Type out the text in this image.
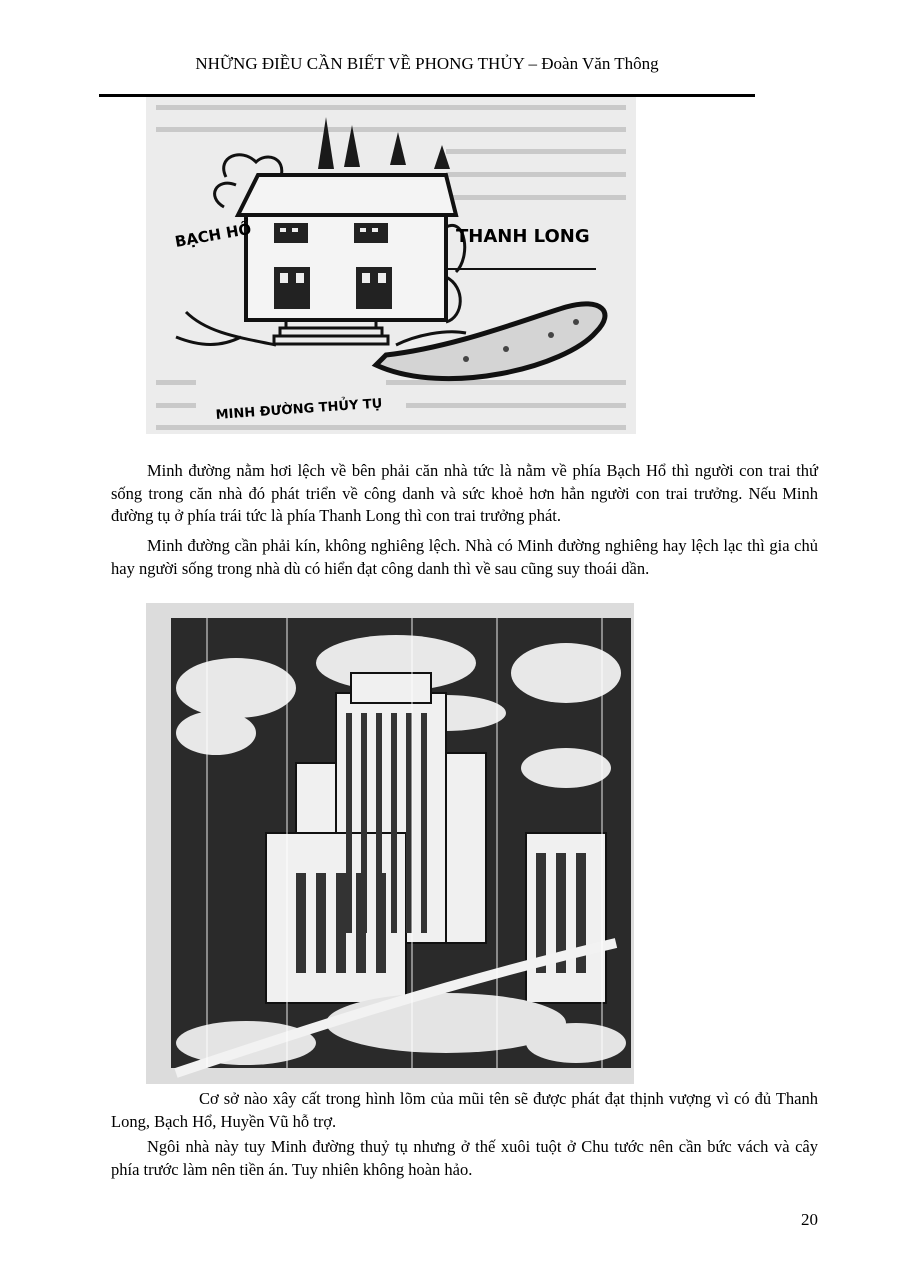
NHỮNG ĐIỀU CẦN BIẾT VỀ PHONG THỦY – Đoàn Văn Thông
BẠCH HỔ	THANH LONG
MINH ĐƯỜNG THỦY TỤ

Minh đường nằm hơi lệch về bên phải căn nhà tức là nằm về phía Bạch Hổ thì người con trai thứ sống trong căn nhà đó phát triển về công danh và sức khoẻ hơn hẳn người con trai trưởng. Nếu Minh đường tụ ở phía trái tức là phía Thanh Long thì con trai trưởng phát.

Minh đường cần phải kín, không nghiêng lệch. Nhà có Minh đường nghiêng hay lệch lạc thì gia chủ hay người sống trong nhà dù có hiển đạt công danh thì về sau cũng suy thoái dần.

Cơ sở nào xây cất trong hình lõm của mũi tên sẽ được phát đạt thịnh vượng vì có đủ Thanh Long, Bạch Hổ, Huyền Vũ hỗ trợ.

Ngôi nhà này tuy Minh đường thuỷ tụ nhưng ở thế xuôi tuột ở Chu tước nên cần bức vách và cây phía trước làm nên tiền án. Tuy nhiên không hoàn hảo.

20
